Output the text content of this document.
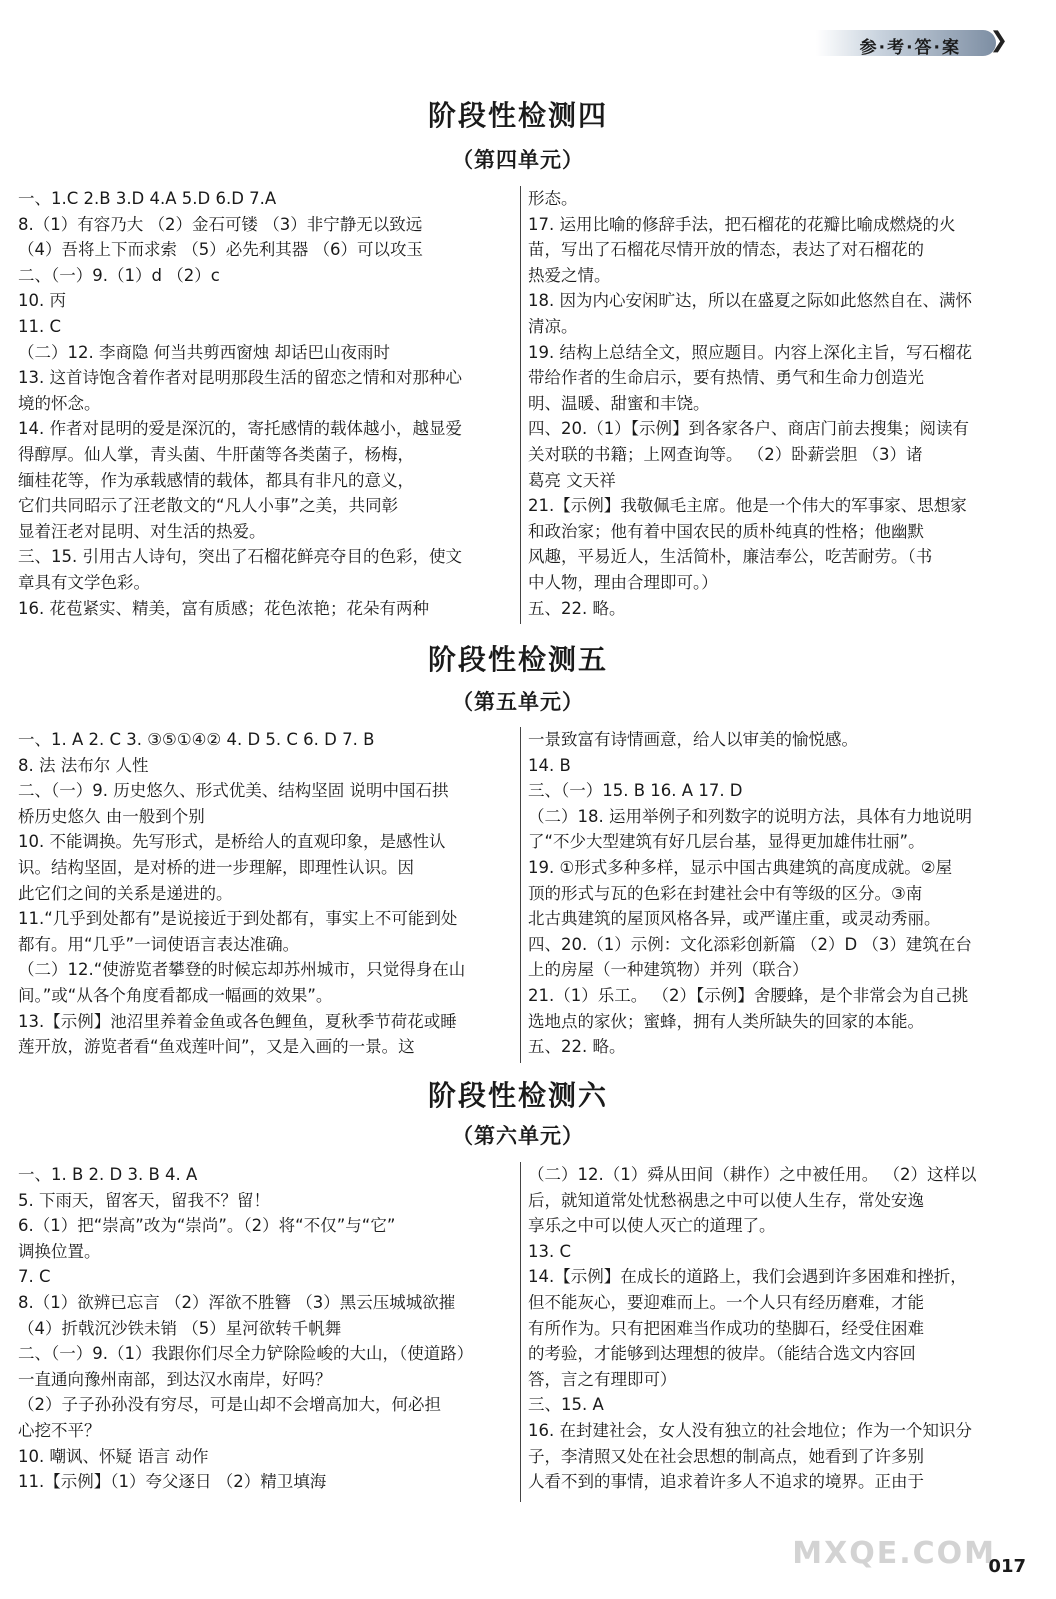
参·考·答·案 ❯
阶段性检测四
（第四单元）

一、1.C 2.B 3.D 4.A 5.D 6.D 7.A

8.（1）有容乃大 （2）金石可镂 （3）非宁静无以致远

（4）吾将上下而求索 （5）必先利其器 （6）可以攻玉

二、（一）9.（1）d （2）c

10. 丙

11. C

（二）12. 李商隐 何当共剪西窗烛 却话巴山夜雨时

13. 这首诗饱含着作者对昆明那段生活的留恋之情和对那种心

境的怀念。

14. 作者对昆明的爱是深沉的，寄托感情的载体越小，越显爱

得醇厚。仙人掌，青头菌、牛肝菌等各类菌子，杨梅，

缅桂花等，作为承载感情的载体，都具有非凡的意义，

它们共同昭示了汪老散文的“凡人小事”之美，共同彰

显着汪老对昆明、对生活的热爱。

三、15. 引用古人诗句，突出了石榴花鲜亮夺目的色彩，使文

章具有文学色彩。

16. 花苞紧实、精美，富有质感；花色浓艳；花朵有两种

形态。

17. 运用比喻的修辞手法，把石榴花的花瓣比喻成燃烧的火

苗，写出了石榴花尽情开放的情态，表达了对石榴花的

热爱之情。

18. 因为内心安闲旷达，所以在盛夏之际如此悠然自在、满怀

清凉。

19. 结构上总结全文，照应题目。内容上深化主旨，写石榴花

带给作者的生命启示，要有热情、勇气和生命力创造光

明、温暖、甜蜜和丰饶。

四、20.（1）【示例】到各家各户、商店门前去搜集；阅读有

关对联的书籍；上网查询等。 （2）卧薪尝胆 （3）诸

葛亮 文天祥

21.【示例】我敬佩毛主席。他是一个伟大的军事家、思想家

和政治家；他有着中国农民的质朴纯真的性格；他幽默

风趣，平易近人，生活简朴，廉洁奉公，吃苦耐劳。（书

中人物，理由合理即可。）

五、22. 略。

阶段性检测五
（第五单元）

一、1. A 2. C 3. ③⑤①④② 4. D 5. C 6. D 7. B

8. 法 法布尔 人性

二、（一）9. 历史悠久、形式优美、结构坚固 说明中国石拱

桥历史悠久 由一般到个别

10. 不能调换。先写形式，是桥给人的直观印象，是感性认

识。结构坚固，是对桥的进一步理解，即理性认识。因

此它们之间的关系是递进的。

11.“几乎到处都有”是说接近于到处都有，事实上不可能到处

都有。用“几乎”一词使语言表达准确。

（二）12.“使游览者攀登的时候忘却苏州城市，只觉得身在山

间。”或“从各个角度看都成一幅画的效果”。

13.【示例】池沼里养着金鱼或各色鲤鱼，夏秋季节荷花或睡

莲开放，游览者看“鱼戏莲叶间”，又是入画的一景。这

一景致富有诗情画意，给人以审美的愉悦感。

14. B

三、（一）15. B 16. A 17. D

（二）18. 运用举例子和列数字的说明方法，具体有力地说明

了“不少大型建筑有好几层台基，显得更加雄伟壮丽”。

19. ①形式多种多样，显示中国古典建筑的高度成就。②屋

顶的形式与瓦的色彩在封建社会中有等级的区分。③南

北古典建筑的屋顶风格各异，或严谨庄重，或灵动秀丽。

四、20.（1）示例：文化添彩创新篇 （2）D （3）建筑在台

上的房屋（一种建筑物）并列（联合）

21.（1）乐工。 （2）【示例】舍腰蜂，是个非常会为自己挑

选地点的家伙；蜜蜂，拥有人类所缺失的回家的本能。

五、22. 略。

阶段性检测六
（第六单元）

一、1. B 2. D 3. B 4. A

5. 下雨天，留客天，留我不？留！

6.（1）把“崇高”改为“崇尚”。（2）将“不仅”与“它”

调换位置。

7. C

8.（1）欲辨已忘言 （2）浑欲不胜簪 （3）黑云压城城欲摧

（4）折戟沉沙铁未销 （5）星河欲转千帆舞

二、（一）9.（1）我跟你们尽全力铲除险峻的大山，（使道路）

一直通向豫州南部，到达汉水南岸，好吗？

（2）子子孙孙没有穷尽，可是山却不会增高加大，何必担

心挖不平？

10. 嘲讽、怀疑 语言 动作

11.【示例】（1）夸父逐日 （2）精卫填海

（二）12.（1）舜从田间（耕作）之中被任用。 （2）这样以

后，就知道常处忧愁祸患之中可以使人生存，常处安逸

享乐之中可以使人灭亡的道理了。

13. C

14.【示例】在成长的道路上，我们会遇到许多困难和挫折，

但不能灰心，要迎难而上。一个人只有经历磨难，才能

有所作为。只有把困难当作成功的垫脚石，经受住困难

的考验，才能够到达理想的彼岸。（能结合选文内容回

答，言之有理即可）

三、15. A

16. 在封建社会，女人没有独立的社会地位；作为一个知识分

子，李清照又处在社会思想的制高点，她看到了许多别

人看不到的事情，追求着许多人不追求的境界。正由于

MXQE.COM
017
